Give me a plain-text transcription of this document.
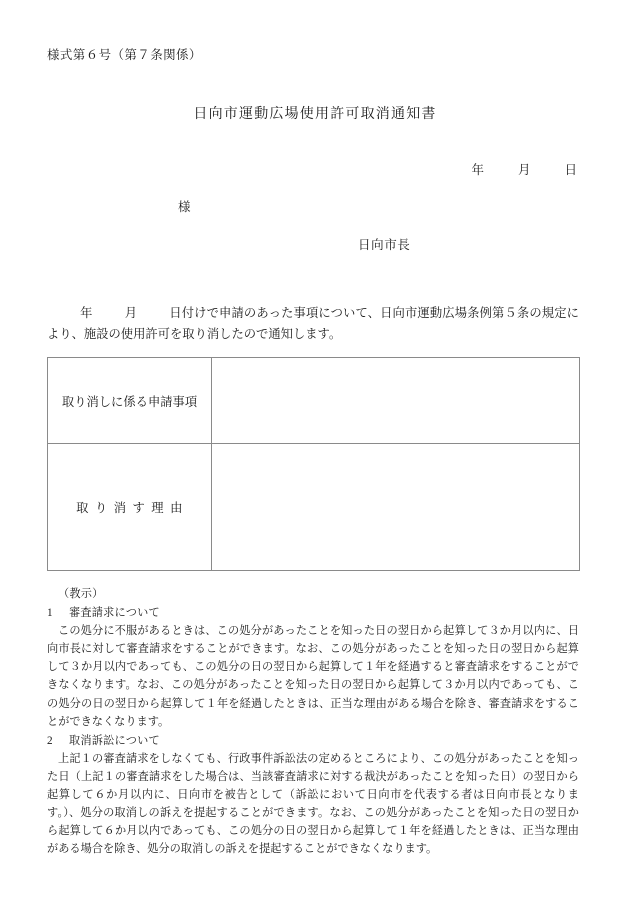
様式第６号（第７条関係）
日向市運動広場使用許可取消通知書
年	月	日
様
日向市長
年	月	日付けで申請のあった事項について、日向市運動広場条例第５条の規定により、施設の使用許可を取り消したので通知します。
取り消しに係る申請事項	
取り消す理由	
（教示）
1 審査請求について
この処分に不服があるときは、この処分があったことを知った日の翌日から起算して３か月以内に、日向市長に対して審査請求をすることができます。なお、この処分があったことを知った日の翌日から起算して３か月以内であっても、この処分の日の翌日から起算して１年を経過すると審査請求をすることができなくなります。なお、この処分があったことを知った日の翌日から起算して３か月以内であっても、この処分の日の翌日から起算して１年を経過したときは、正当な理由がある場合を除き、審査請求をすることができなくなります。
2 取消訴訟について
上記１の審査請求をしなくても、行政事件訴訟法の定めるところにより、この処分があったことを知った日（上記１の審査請求をした場合は、当該審査請求に対する裁決があったことを知った日）の翌日から起算して６か月以内に、日向市を被告として（訴訟において日向市を代表する者は日向市長となります。）、処分の取消しの訴えを提起することができます。なお、この処分があったことを知った日の翌日から起算して６か月以内であっても、この処分の日の翌日から起算して１年を経過したときは、正当な理由がある場合を除き、処分の取消しの訴えを提起することができなくなります。
